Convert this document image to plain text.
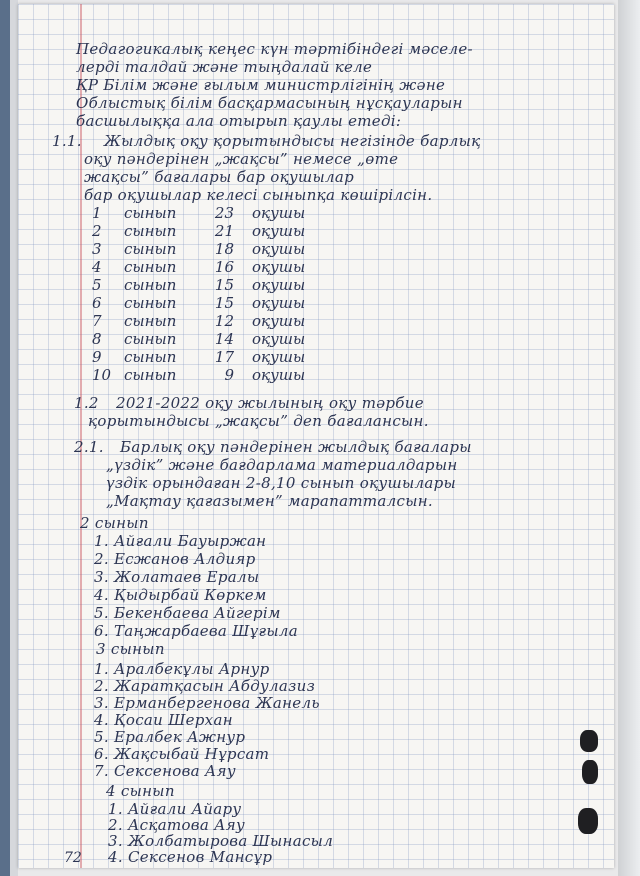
Педагогикалық кеңес күн тәртібіндегі мәселе-
лерді талдай және тыңдалай келе
ҚР Білім және ғылым министрлігінің және
Облыстық білім басқармасының нұсқауларын
басшылыққа ала отырып қаулы етеді:
1.1. Жылдық оқу қорытындысы негізінде барлық
оқу пәндерінен „жақсы” немесе „өте
жақсы” бағалары бар оқушылар
бар оқушылар келесі сыныпқа көшірілсін.
1 сынып	23 оқушы
2 сынып	21 оқушы
3 сынып	18 оқушы
4 сынып	16 оқушы
5 сынып	15 оқушы
6 сынып	15 оқушы
7 сынып	12 оқушы
8 сынып	14 оқушы
9 сынып	17 оқушы
10 сынып	9 оқушы
1.2 2021-2022 оқу жылының оқу тәрбие
қорытындысы „жақсы” деп бағалансын.
2.1. Барлық оқу пәндерінен жылдық бағалары
„үздік” және бағдарлама материалдарын
үздік орындаған 2-8,10 сынып оқушылары
„Мақтау қағазымен” марапатталсын.
2 сынып
1. Айғали Бауыржан
2. Есжанов Алдияр
3. Жолатаев Ералы
4. Қыдырбай Көркем
5. Бекенбаева Айгерім
6. Таңжарбаева Шұғыла
3 сынып
1. Аралбекұлы Арнур
2. Жаратқасын Абдулазиз
3. Ерманбергенова Жанель
4. Қосаи Шерхан
5. Ералбек Ажнур
6. Жақсыбай Нұрсат
7. Сексенова Аяу
4 сынып
1. Айғали Айару
2. Асқатова Аяу
3. Жолбатырова Шынасыл
4. Сексенов Мансұр
72
